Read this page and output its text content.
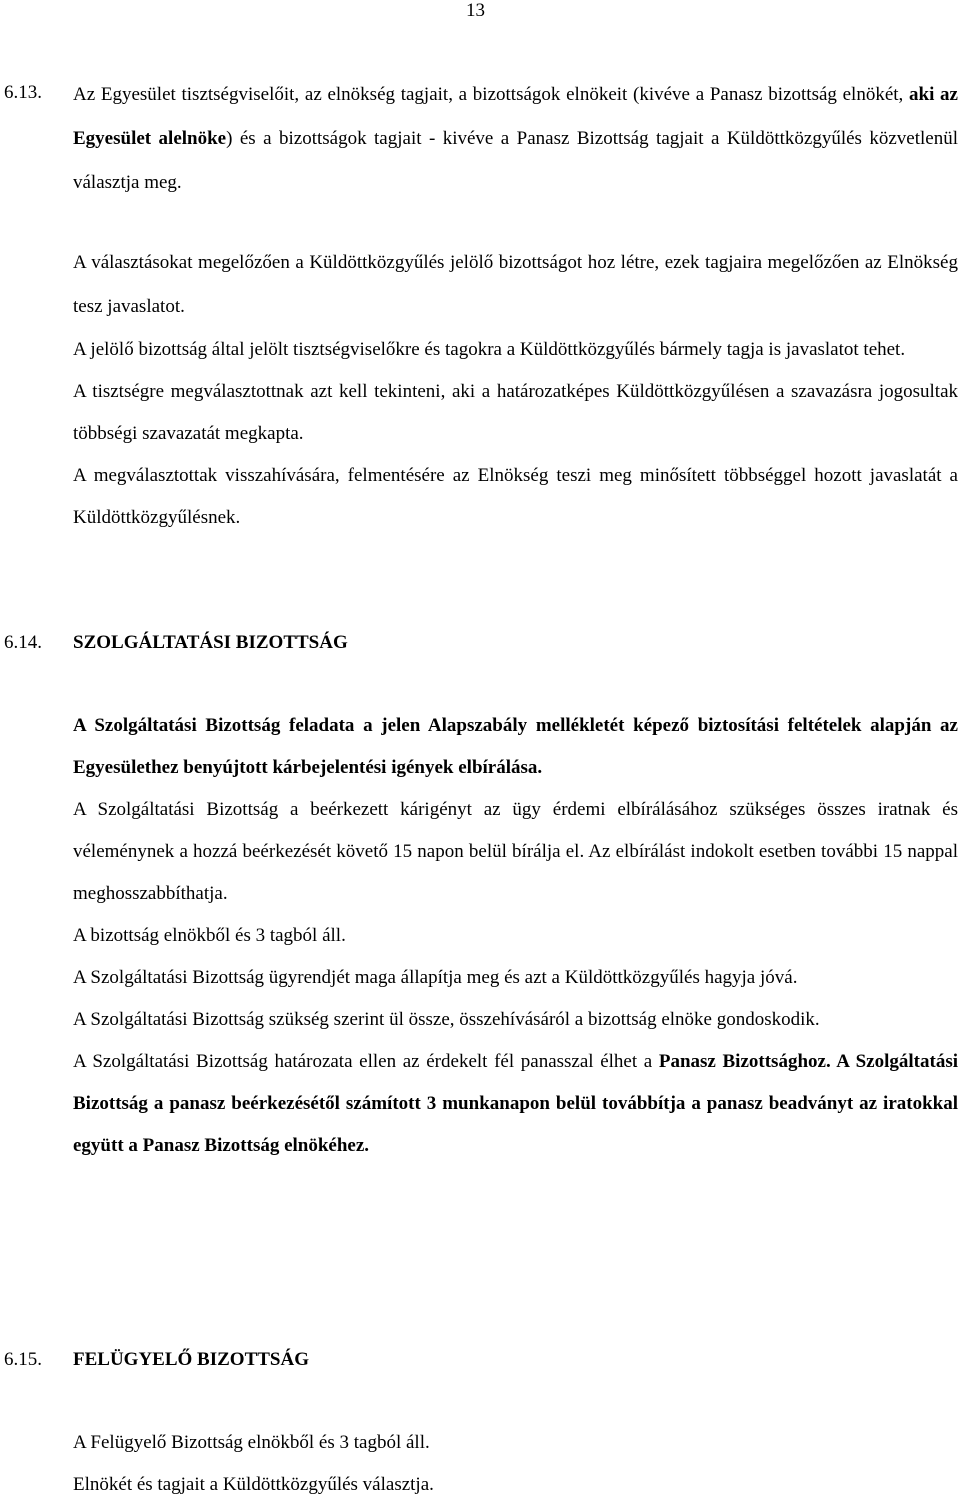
13
6.13. Az Egyesület tisztségviselőit, az elnökség tagjait, a bizottságok elnökeit (kivéve a Panasz bizottság elnökét, aki az Egyesület alelnöke) és a bizottságok tagjait - kivéve a Panasz Bizottság tagjait a Küldöttközgyűlés közvetlenül választja meg.

A választásokat megelőzően a Küldöttközgyűlés jelölő bizottságot hoz létre, ezek tagjaira megelőzően az Elnökség tesz javaslatot.

A jelölő bizottság által jelölt tisztségviselőkre és tagokra a Küldöttközgyűlés bármely tagja is javaslatot tehet.

A tisztségre megválasztottnak azt kell tekinteni, aki a határozatképes Küldöttközgyűlésen a szavazásra jogosultak többségi szavazatát megkapta.

A megválasztottak visszahívására, felmentésére az Elnökség teszi meg minősített többséggel hozott javaslatát a Küldöttközgyűlésnek.

6.14. SZOLGÁLTATÁSI BIZOTTSÁG

A Szolgáltatási Bizottság feladata a jelen Alapszabály mellékletét képező biztosítási feltételek alapján az Egyesülethez benyújtott kárbejelentési igények elbírálása.

A Szolgáltatási Bizottság a beérkezett kárigényt az ügy érdemi elbírálásához szükséges összes iratnak és véleménynek a hozzá beérkezését követő 15 napon belül bírálja el. Az elbírálást indokolt esetben további 15 nappal meghosszabbíthatja.

A bizottság elnökből és 3 tagból áll.

A Szolgáltatási Bizottság ügyrendjét maga állapítja meg és azt a Küldöttközgyűlés hagyja jóvá.

A Szolgáltatási Bizottság szükség szerint ül össze, összehívásáról a bizottság elnöke gondoskodik.

A Szolgáltatási Bizottság határozata ellen az érdekelt fél panasszal élhet a Panasz Bizottsághoz. A Szolgáltatási Bizottság a panasz beérkezésétől számított 3 munkanapon belül továbbítja a panasz beadványt az iratokkal együtt a Panasz Bizottság elnökéhez.

6.15. FELÜGYELŐ BIZOTTSÁG

A Felügyelő Bizottság elnökből és 3 tagból áll.

Elnökét és tagjait a Küldöttközgyűlés választja.
